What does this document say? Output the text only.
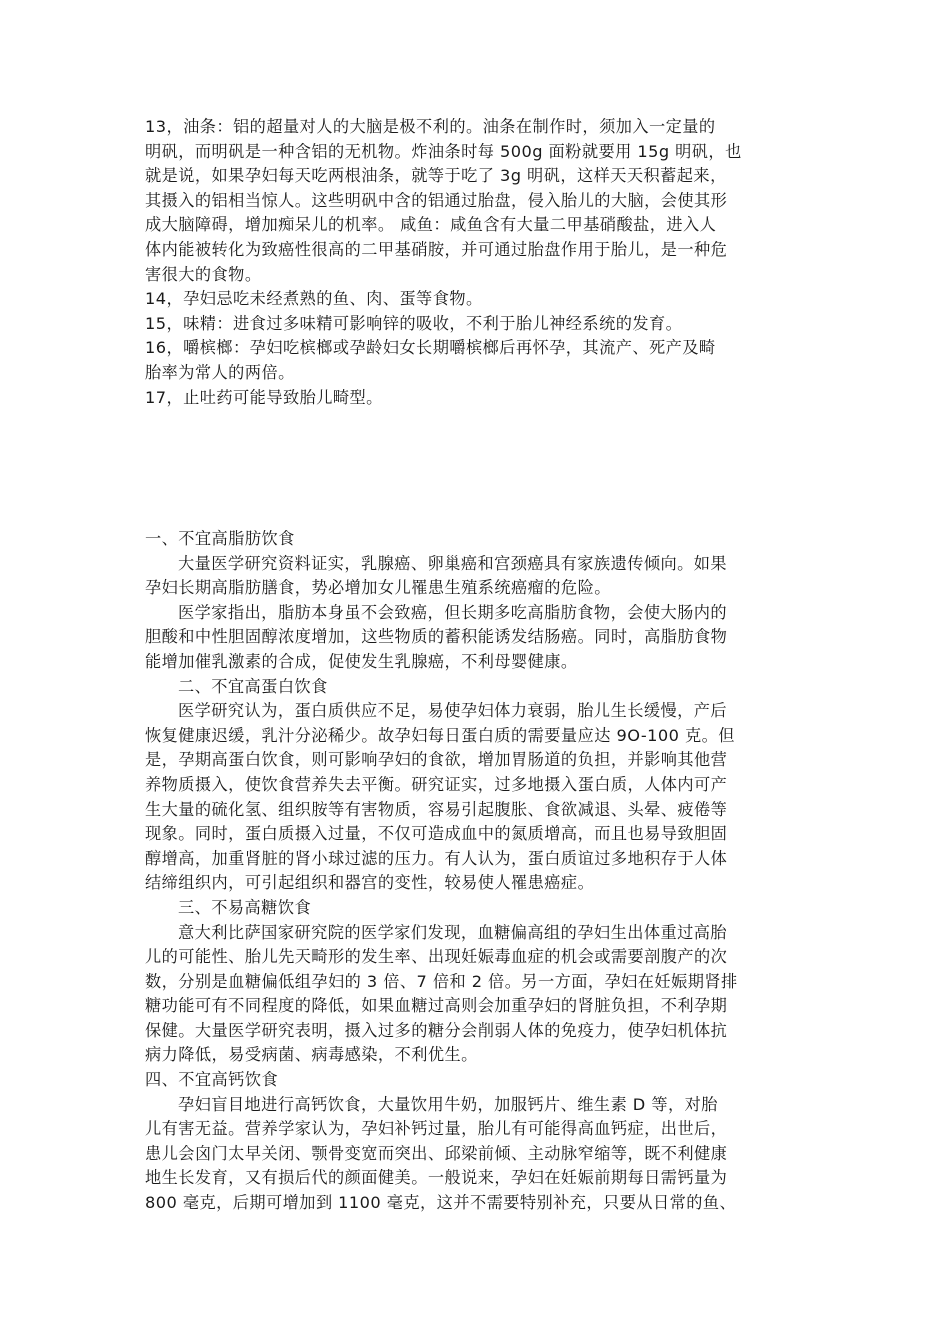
13，油条：铝的超量对人的大脑是极不利的。油条在制作时，须加入一定量的
明矾，而明矾是一种含铝的无机物。炸油条时每 500g 面粉就要用 15g 明矾，也
就是说，如果孕妇每天吃两根油条，就等于吃了 3g 明矾，这样天天积蓄起来，
其摄入的铝相当惊人。这些明矾中含的铝通过胎盘，侵入胎儿的大脑，会使其形
成大脑障碍，增加痴呆儿的机率。 咸鱼：咸鱼含有大量二甲基硝酸盐，进入人
体内能被转化为致癌性很高的二甲基硝胺，并可通过胎盘作用于胎儿，是一种危
害很大的食物。
14，孕妇忌吃未经煮熟的鱼、肉、蛋等食物。
15，味精：进食过多味精可影响锌的吸收，不利于胎儿神经系统的发育。
16，嚼槟榔：孕妇吃槟榔或孕龄妇女长期嚼槟榔后再怀孕，其流产、死产及畸
胎率为常人的两倍。
17，止吐药可能导致胎儿畸型。
一、不宜高脂肪饮食
大量医学研究资料证实，乳腺癌、卵巢癌和宫颈癌具有家族遗传倾向。如果
孕妇长期高脂肪膳食，势必增加女儿罹患生殖系统癌瘤的危险。
医学家指出，脂肪本身虽不会致癌，但长期多吃高脂肪食物，会使大肠内的
胆酸和中性胆固醇浓度增加，这些物质的蓄积能诱发结肠癌。同时，高脂肪食物
能增加催乳激素的合成，促使发生乳腺癌，不利母婴健康。
二、不宜高蛋白饮食
医学研究认为，蛋白质供应不足，易使孕妇体力衰弱，胎儿生长缓慢，产后
恢复健康迟缓，乳汁分泌稀少。故孕妇每日蛋白质的需要量应达 9O-100 克。但
是，孕期高蛋白饮食，则可影响孕妇的食欲，增加胃肠道的负担，并影响其他营
养物质摄入，使饮食营养失去平衡。研究证实，过多地摄入蛋白质，人体内可产
生大量的硫化氢、组织胺等有害物质，容易引起腹胀、食欲减退、头晕、疲倦等
现象。同时，蛋白质摄入过量，不仅可造成血中的氮质增高，而且也易导致胆固
醇增高，加重肾脏的肾小球过滤的压力。有人认为，蛋白质谊过多地积存于人体
结缔组织内，可引起组织和器宫的变性，较易使人罹患癌症。
三、不易高糖饮食
意大利比萨国家研究院的医学家们发现，血糖偏高组的孕妇生出体重过高胎
儿的可能性、胎儿先天畸形的发生率、出现妊娠毒血症的机会或需要剖腹产的次
数，分别是血糖偏低组孕妇的 3 倍、7 倍和 2 倍。另一方面，孕妇在妊娠期肾排
糖功能可有不同程度的降低，如果血糖过高则会加重孕妇的肾脏负担，不利孕期
保健。大量医学研究表明，摄入过多的糖分会削弱人体的免疫力，使孕妇机体抗
病力降低，易受病菌、病毒感染，不利优生。
四、不宜高钙饮食
孕妇盲目地进行高钙饮食，大量饮用牛奶，加服钙片、维生素 D 等，对胎
儿有害无益。营养学家认为，孕妇补钙过量，胎儿有可能得高血钙症，出世后，
患儿会囟门太早关闭、颚骨变宽而突出、邱梁前倾、主动脉窄缩等，既不利健康
地生长发育，又有损后代的颜面健美。一般说来，孕妇在妊娠前期每日需钙量为
800 毫克，后期可增加到 1100 毫克，这并不需要特别补充，只要从日常的鱼、
